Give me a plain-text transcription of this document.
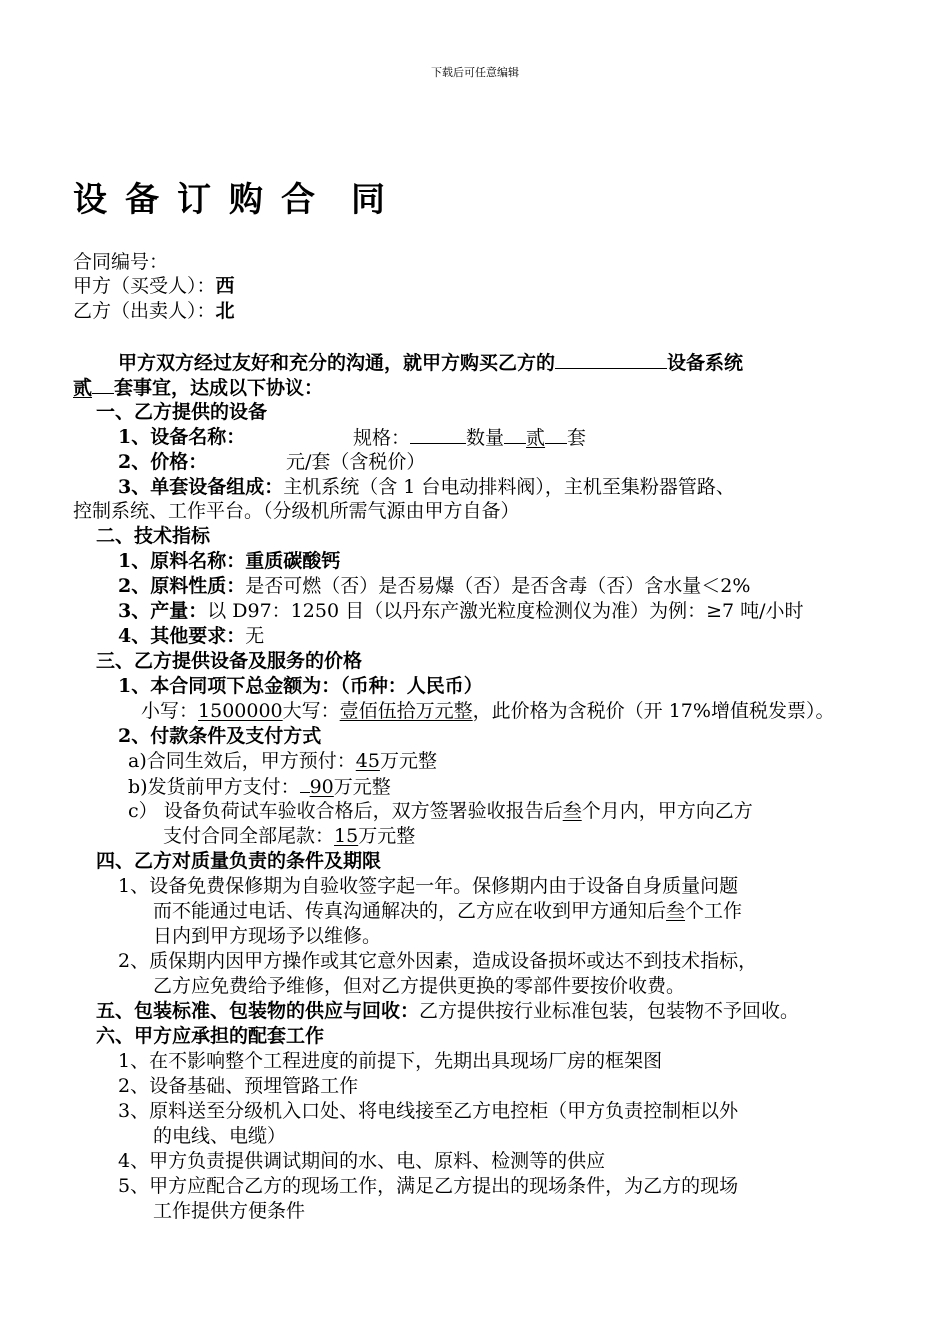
下载后可任意编辑
设 备 订 购 合 同
合同编号：
甲方（买受人）：西
乙方（出卖人）：北
甲方双方经过友好和充分的沟通，就甲方购买乙方的	设备系统
贰 套事宜，达成以下协议：
一、乙方提供的设备
1、设备名称：	规格：	数量 贰 套
2、价格：	元/套（含税价）
3、单套设备组成：主机系统（含 1 台电动排料阀），主机至集粉器管路、
控制系统、工作平台。（分级机所需气源由甲方自备）
二、技术指标
1、原料名称：重质碳酸钙
2、原料性质：是否可燃（否）是否易爆（否）是否含毒（否）含水量＜2%
3、产量：以 D97：1250 目（以丹东产激光粒度检测仪为准）为例：≥7 吨/小时
4、其他要求：无
三、乙方提供设备及服务的价格
1、本合同项下总金额为：（币种：人民币）
小写：1500000大写：壹佰伍拾万元整，此价格为含税价（开 17%增值税发票）。
2、付款条件及支付方式
a)合同生效后，甲方预付：45万元整
b)发货前甲方支付： 90万元整
c） 设备负荷试车验收合格后，双方签署验收报告后叁个月内，甲方向乙方
支付合同全部尾款：15万元整
四、乙方对质量负责的条件及期限
1、设备免费保修期为自验收签字起一年。保修期内由于设备自身质量问题
而不能通过电话、传真沟通解决的，乙方应在收到甲方通知后叁个工作
日内到甲方现场予以维修。
2、质保期内因甲方操作或其它意外因素，造成设备损坏或达不到技术指标，
乙方应免费给予维修，但对乙方提供更换的零部件要按价收费。
五、包装标准、包装物的供应与回收：乙方提供按行业标准包装，包装物不予回收。
六、甲方应承担的配套工作
1、在不影响整个工程进度的前提下，先期出具现场厂房的框架图
2、设备基础、预埋管路工作
3、原料送至分级机入口处、将电线接至乙方电控柜（甲方负责控制柜以外
的电线、电缆）
4、甲方负责提供调试期间的水、电、原料、检测等的供应
5、甲方应配合乙方的现场工作，满足乙方提出的现场条件，为乙方的现场
工作提供方便条件
